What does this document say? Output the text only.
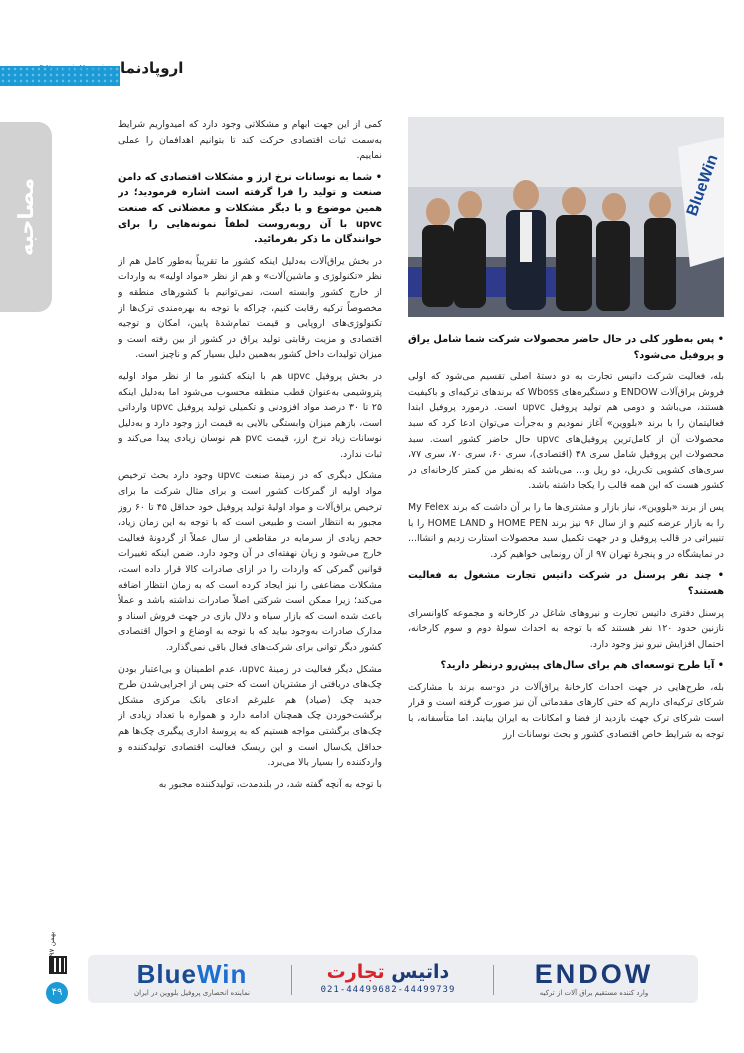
اروپادنما
E Namawir Magazine
مصاحبه	BlueWin

کمی از این جهت ابهام و مشکلاتی وجود دارد که امیدواریم شرایط به‌سمت ثبات اقتصادی حرکت کند تا بتوانیم اهدافمان را عملی نماییم.

• شما به نوسانات نرخ ارز و مشکلات اقتصادی که دامن صنعت و تولید را فرا گرفته است اشاره فرمودید؛ در همین موضوع و با دیگر مشکلات و معضلاتی که صنعت upvc با آن روبه‌روست لطفاً نمونه‌هایی را برای خوانندگان ما ذکر بفرمائید.

در بخش یراق‌آلات به‌دلیل اینکه کشور ما تقریباً به‌طور کامل هم از نظر «تکنولوژی و ماشین‌آلات» و هم از نظر «مواد اولیه» به واردات از خارج کشور وابسته است، نمی‌توانیم با کشورهای منطقه و مخصوصاً ترکیه رقابت کنیم، چراکه با توجه به بهره‌مندی ترک‌ها از تکنولوژی‌های اروپایی و قیمت تمام‌شدهٔ پایین، امکان و توجیه اقتصادی و مزیت رقابتی تولید یراق در کشور از بین رفته است و میزان تولیدات داخل کشور به‌همین دلیل بسیار کم و ناچیز است.

در بخش پروفیل upvc هم با اینکه کشور ما از نظر مواد اولیه پتروشیمی به‌عنوان قطب منطقه محسوب می‌شود اما به‌دلیل اینکه ۲۵ تا ۳۰ درصد مواد افزودنی و تکمیلی تولید پروفیل upvc وارداتی است، بازهم میزان وابستگی بالایی به قیمت ارز وجود دارد و به‌دلیل نوسانات زیاد نرخ ارز، قیمت pvc هم نوسان زیادی پیدا می‌کند و ثبات ندارد.

مشکل دیگری که در زمینهٔ صنعت upvc وجود دارد بحث ترخیص مواد اولیه از گمرکات کشور است و برای مثال شرکت ما برای ترخیص یراق‌آلات و مواد اولیهٔ تولید پروفیل خود حداقل ۴۵ تا ۶۰ روز مجبور به انتظار است و طبیعی است که با توجه به این زمان زیاد، حجم زیادی از سرمایه در مقاطعی از سال عملاً از گردونهٔ فعالیت خارج می‌شود و زیان نهفته‌ای در آن وجود دارد. ضمن اینکه تغییرات قوانین گمرکی که واردات را در ازای صادرات کالا قرار داده است، مشکلات مضاعفی را نیز ایجاد کرده است که به زمان انتظار اضافه می‌کند؛ زیرا ممکن است شرکتی اصلاً صادرات نداشته باشد و عملاً باعث شده است که بازار سیاه و دلال بازی در جهت فروش اسناد و مدارک صادرات به‌وجود بیاید که با توجه به اوضاع و احوال اقتصادی کشور دیگر توانی برای شرکت‌های فعال باقی نمی‌گذارد.

مشکل دیگر فعالیت در زمینهٔ upvc، عدم اطمینان و بی‌اعتبار بودن چک‌های دریافتی از مشتریان است که حتی پس از اجرایی‌شدن طرح جدید چک (صیاد) هم علیرغم ادعای بانک مرکزی مشکل برگشت‌خوردن چک همچنان ادامه دارد و همواره با تعداد زیادی از چک‌های برگشتی مواجه هستیم که به پروسهٔ اداری پیگیری چک‌ها هم حداقل یک‌سال است و این ریسک فعالیت اقتصادی تولیدکننده و واردکننده را بسیار بالا می‌برد.

با توجه به آنچه گفته شد، در بلندمدت، تولیدکننده مجبور به

• پس به‌طور کلی در حال حاضر محصولات شرکت شما شامل یراق و پروفیل می‌شود؟

بله، فعالیت شرکت داتیس تجارت به دو دستهٔ اصلی تقسیم می‌شود که اولی فروش یراق‌آلات ENDOW و دستگیره‌های Wboss که برندهای ترکیه‌ای و باکیفیت هستند، می‌باشد و دومی هم تولید پروفیل upvc است. درمورد پروفیل ابتدا فعالیتمان را با برند «بلووین» آغاز نمودیم و به‌جرأت می‌توان ادعا کرد که سبد محصولات آن از کامل‌ترین پروفیل‌های upvc حال حاضر کشور است. سبد محصولات این پروفیل شامل سری ۴۸ (اقتصادی)، سری ۶۰، سری ۷۰، سری ۷۷، سری‌های کشویی تک‌ریل، دو ریل و... می‌باشد که به‌نظر من کمتر کارخانه‌ای در کشور هست که این همه قالب را یکجا داشته باشد.

پس از برند «بلووین»، نیاز بازار و مشتری‌ها ما را بر آن داشت که برند My Felex را به بازار عرضه کنیم و از سال ۹۶ نیز برند HOME PEN و HOME LAND را با تنییراتی در قالب پروفیل و در جهت تکمیل سبد محصولات استارت زدیم و انشاا... در نمایشگاه در و پنجرهٔ تهران ۹۷ از آن رونمایی خواهیم کرد.

• چند نفر پرسنل در شرکت داتیس تجارت مشغول به فعالیت هستند؟

پرسنل دفتری داتیس تجارت و نیروهای شاغل در کارخانه و مجموعه کاوانسرای نازنین حدود ۱۲۰ نفر هستند که با توجه به احداث سولهٔ دوم و سوم کارخانه، احتمال افزایش نیرو نیز وجود دارد.

• آیا طرح توسعه‌ای هم برای سال‌های پیش‌رو درنظر دارید؟

بله، طرح‌هایی در جهت احداث کارخانهٔ یراق‌آلات در دو-سه برند با مشارکت شرکای ترکیه‌ای داریم که حتی کارهای مقدماتی آن نیز صورت گرفته است و قرار است شرکای ترک جهت بازدید از فضا و امکانات به ایران بیایند. اما متأسفانه، با توجه به شرایط خاص اقتصادی کشور و بحث نوسانات ارز

بهمن ۹۷
۴۹
BlueWin
نماینده انحصاری پروفیل بلووین در ایران
داتیس تجارت
021-44499682-44499739
ENDOW
وارد کننده مستقیم یراق آلات از ترکیه
